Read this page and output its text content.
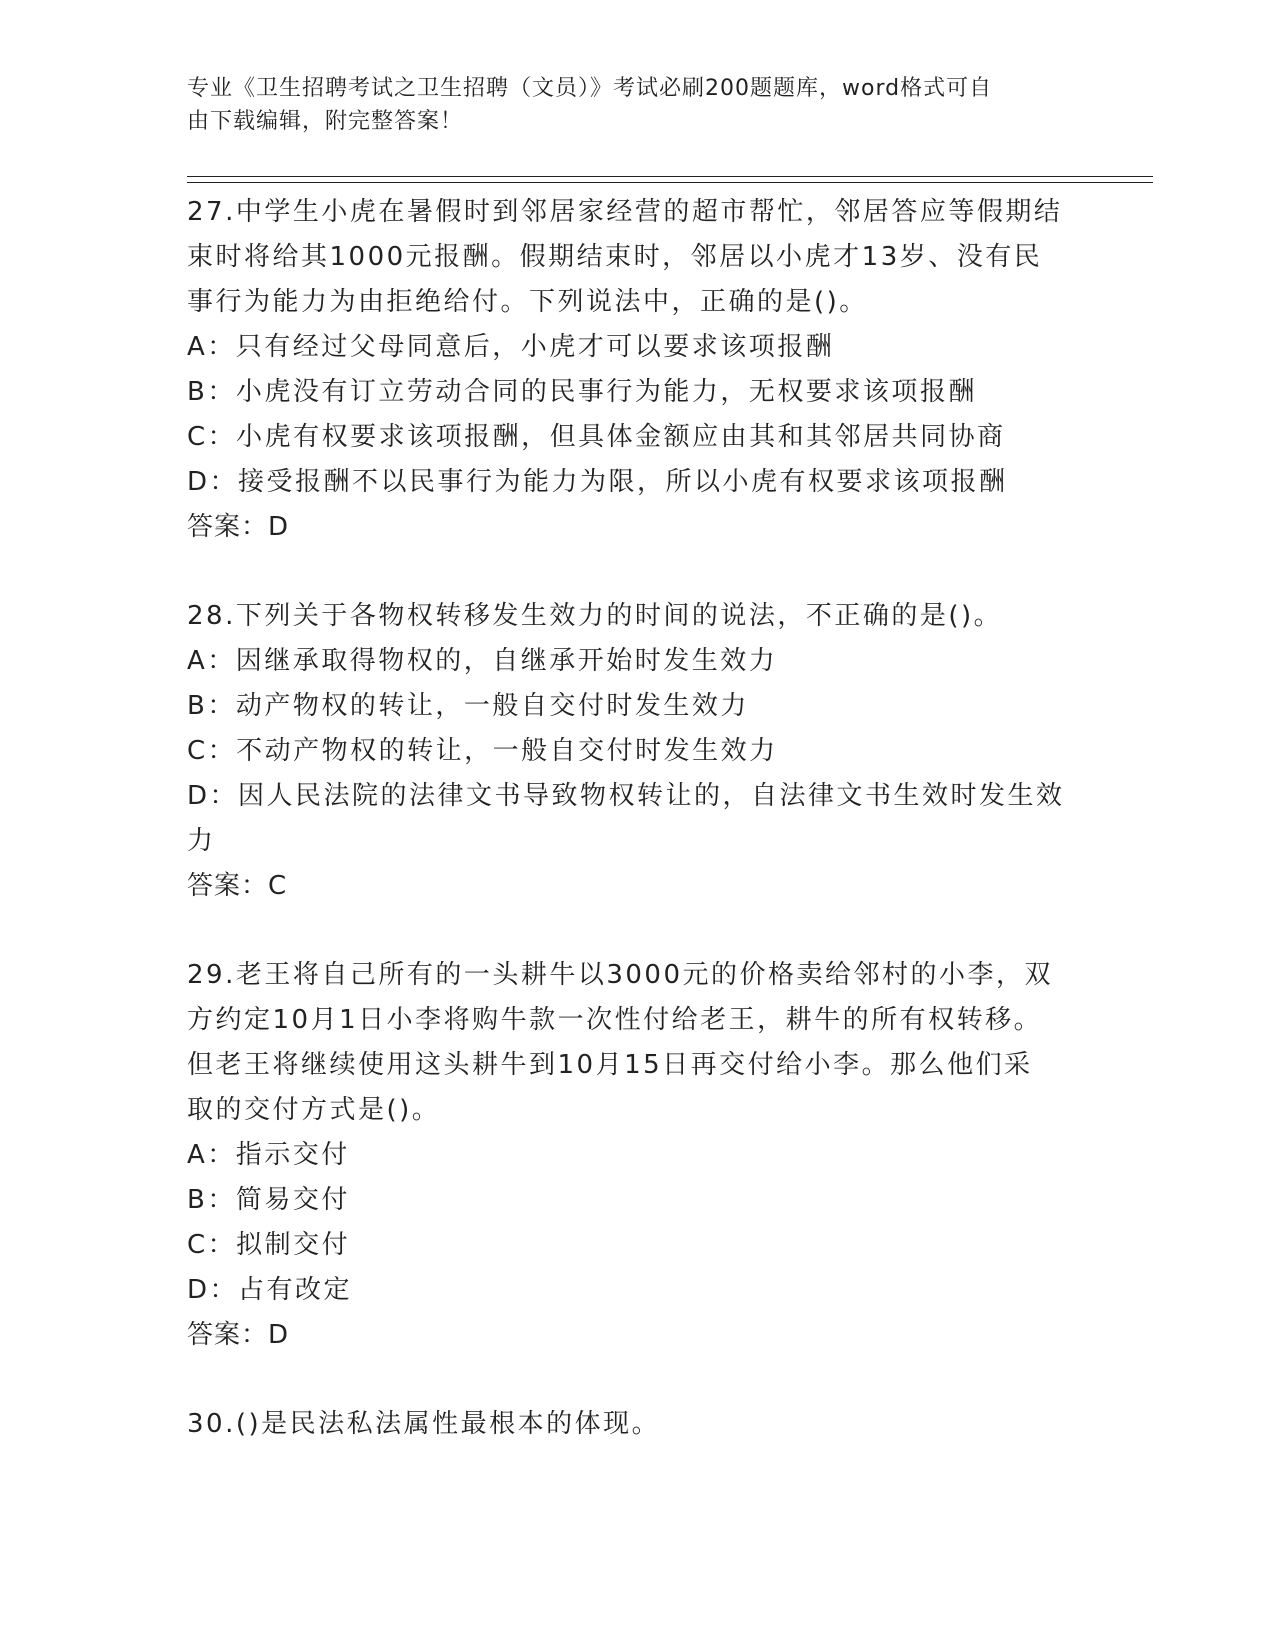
专业《卫生招聘考试之卫生招聘（文员）》考试必刷200题题库，word格式可自
由下载编辑，附完整答案！
27.中学生小虎在暑假时到邻居家经营的超市帮忙，邻居答应等假期结
束时将给其1000元报酬。假期结束时，邻居以小虎才13岁、没有民
事行为能力为由拒绝给付。下列说法中，正确的是()。
A：只有经过父母同意后，小虎才可以要求该项报酬
B：小虎没有订立劳动合同的民事行为能力，无权要求该项报酬
C：小虎有权要求该项报酬，但具体金额应由其和其邻居共同协商
D：接受报酬不以民事行为能力为限，所以小虎有权要求该项报酬
答案：D
28.下列关于各物权转移发生效力的时间的说法，不正确的是()。
A：因继承取得物权的，自继承开始时发生效力
B：动产物权的转让，一般自交付时发生效力
C：不动产物权的转让，一般自交付时发生效力
D：因人民法院的法律文书导致物权转让的，自法律文书生效时发生效
力
答案：C
29.老王将自己所有的一头耕牛以3000元的价格卖给邻村的小李，双
方约定10月1日小李将购牛款一次性付给老王，耕牛的所有权转移。
但老王将继续使用这头耕牛到10月15日再交付给小李。那么他们采
取的交付方式是()。
A：指示交付
B：简易交付
C：拟制交付
D：占有改定
答案：D
30.()是民法私法属性最根本的体现。
